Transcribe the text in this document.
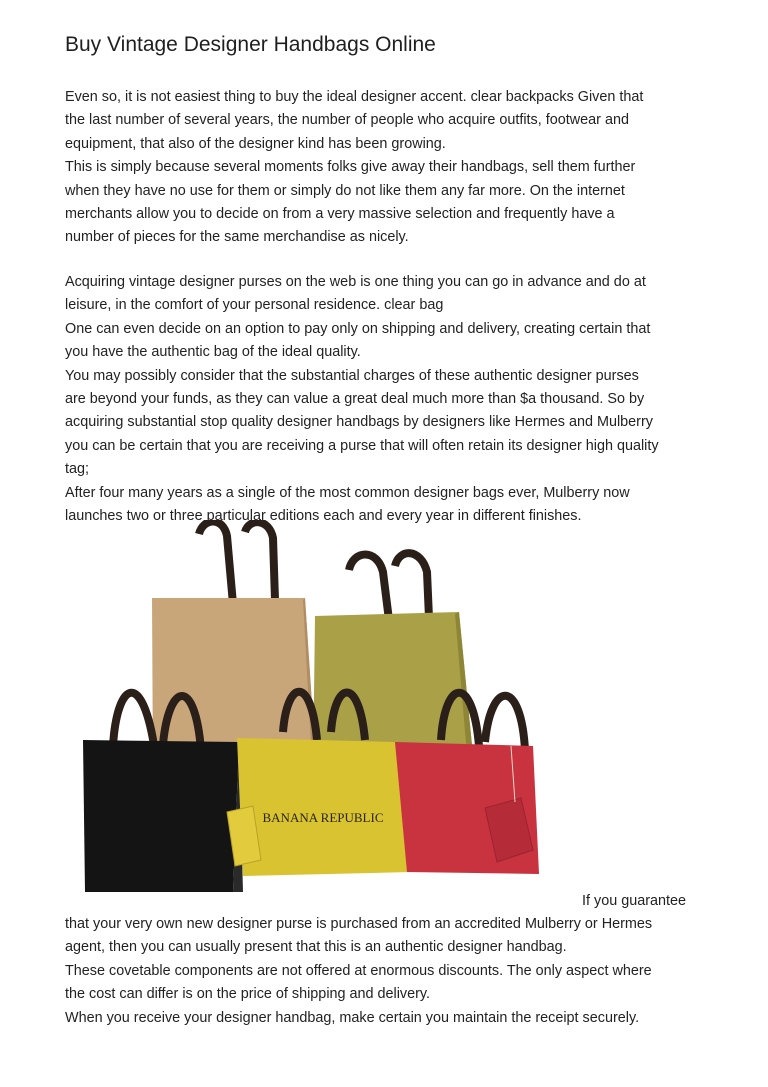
Buy Vintage Designer Handbags Online
Even so, it is not easiest thing to buy the ideal designer accent. clear backpacks Given that
the last number of several years, the number of people who acquire outfits, footwear and
equipment, that also of the designer kind has been growing.
This is simply because several moments folks give away their handbags, sell them further
when they have no use for them or simply do not like them any far more. On the internet
merchants allow you to decide on from a very massive selection and frequently have a
number of pieces for the same merchandise as nicely.
Acquiring vintage designer purses on the web is one thing you can go in advance and do at
leisure, in the comfort of your personal residence. clear bag
One can even decide on an option to pay only on shipping and delivery, creating certain that
you have the authentic bag of the ideal quality.
You may possibly consider that the substantial charges of these authentic designer purses
are beyond your funds, as they can value a great deal much more than $a thousand. So by
acquiring substantial stop quality designer handbags by designers like Hermes and Mulberry
you can be certain that you are receiving a purse that will often retain its designer high quality
tag;
After four many years as a single of the most common designer bags ever, Mulberry now
launches two or three particular editions each and every year in different finishes.
BANANA REPUBLIC
If you guarantee
that your very own new designer purse is purchased from an accredited Mulberry or Hermes
agent, then you can usually present that this is an authentic designer handbag.
These covetable components are not offered at enormous discounts. The only aspect where
the cost can differ is on the price of shipping and delivery.
When you receive your designer handbag, make certain you maintain the receipt securely.
